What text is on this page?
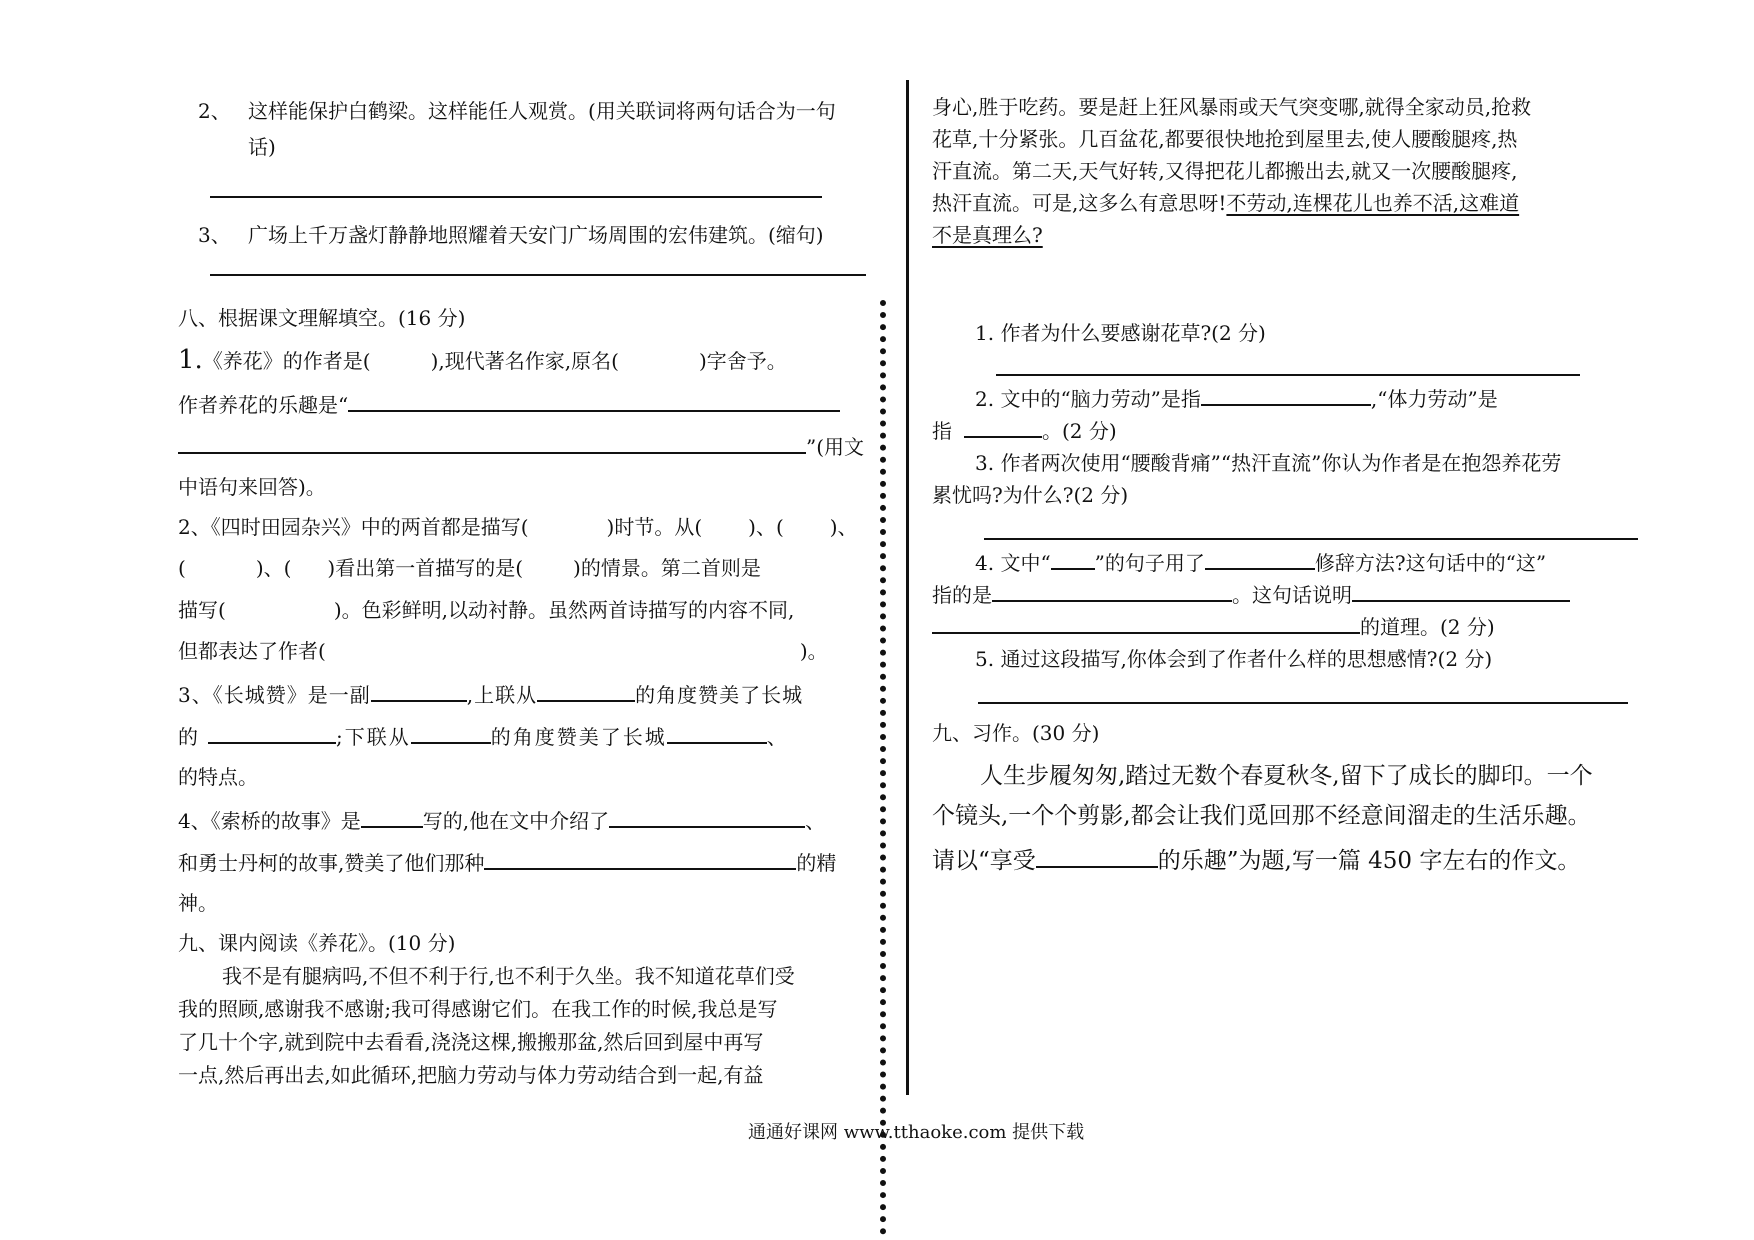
2、 这样能保护白鹤梁。这样能任人观赏。(用关联词将两句话合为一句
话)
3、 广场上千万盏灯静静地照耀着天安门广场周围的宏伟建筑。(缩句)
八、根据课文理解填空。(16 分)
1.《养花》的作者是(	),现代著名作家,原名(	)字舍予。
作者养花的乐趣是“
”(用文
中语句来回答)。
2、《四时田园杂兴》中的两首都是描写(	)时节。从( )、( )、
(	)、( )看出第一首描写的是(	)的情景。第二首则是
描写(	)。色彩鲜明,以动衬静。虽然两首诗描写的内容不同,
但都表达了作者(	)。
3、《长城赞》是一副	,上联从	的角度赞美了长城
的	;下联从	的角度赞美了长城	、
的特点。
4、《索桥的故事》是	写的,他在文中介绍了	、
和勇士丹柯的故事,赞美了他们那种	的精
神。
九、课内阅读《养花》。(10 分)
我不是有腿病吗,不但不利于行,也不利于久坐。我不知道花草们受
我的照顾,感谢我不感谢;我可得感谢它们。在我工作的时候,我总是写
了几十个字,就到院中去看看,浇浇这棵,搬搬那盆,然后回到屋中再写
一点,然后再出去,如此循环,把脑力劳动与体力劳动结合到一起,有益
身心,胜于吃药。要是赶上狂风暴雨或天气突变哪,就得全家动员,抢救
花草,十分紧张。几百盆花,都要很快地抢到屋里去,使人腰酸腿疼,热
汗直流。第二天,天气好转,又得把花儿都搬出去,就又一次腰酸腿疼,
热汗直流。可是,这多么有意思呀!不劳动,连棵花儿也养不活,这难道
不是真理么?
1. 作者为什么要感谢花草?(2 分)
2. 文中的“脑力劳动”是指	,“体力劳动”是
指	。(2 分)
3. 作者两次使用“腰酸背痛”“热汗直流”你认为作者是在抱怨养花劳
累忧吗?为什么?(2 分)
4. 文中“ ”的句子用了	修辞方法?这句话中的“这”
指的是	。这句话说明
的道理。(2 分)
5. 通过这段描写,你体会到了作者什么样的思想感情?(2 分)
九、习作。(30 分)
人生步履匆匆,踏过无数个春夏秋冬,留下了成长的脚印。一个
个镜头,一个个剪影,都会让我们觅回那不经意间溜走的生活乐趣。
请以“享受	的乐趣”为题,写一篇 450 字左右的作文。
通通好课网 www.tthaoke.com 提供下载
